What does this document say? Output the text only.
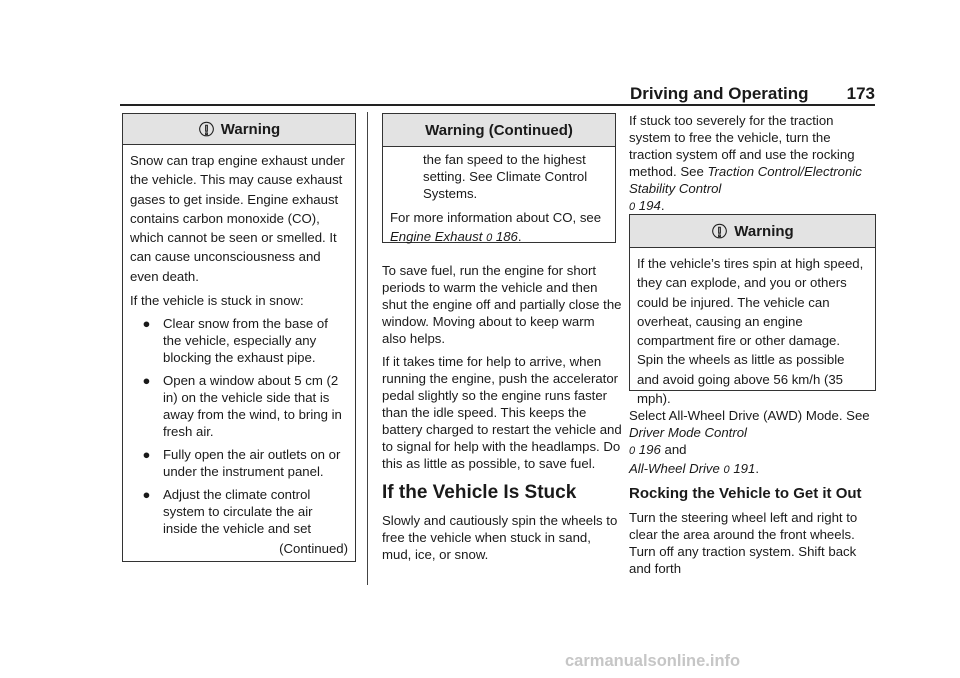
Driving and Operating 173
Warning

Snow can trap engine exhaust under the vehicle. This may cause exhaust gases to get inside. Engine exhaust contains carbon monoxide (CO), which cannot be seen or smelled. It can cause unconsciousness and even death.

If the vehicle is stuck in snow:

● Clear snow from the base of the vehicle, especially any blocking the exhaust pipe.
● Open a window about 5 cm (2 in) on the vehicle side that is away from the wind, to bring in fresh air.
● Fully open the air outlets on or under the instrument panel.
● Adjust the climate control system to circulate the air inside the vehicle and set
(Continued)
Warning (Continued)

the fan speed to the highest setting. See Climate Control Systems.

For more information about CO, see Engine Exhaust 0 186.

To save fuel, run the engine for short periods to warm the vehicle and then shut the engine off and partially close the window. Moving about to keep warm also helps.

If it takes time for help to arrive, when running the engine, push the accelerator pedal slightly so the engine runs faster than the idle speed. This keeps the battery charged to restart the vehicle and to signal for help with the headlamps. Do this as little as possible, to save fuel.

If the Vehicle Is Stuck

Slowly and cautiously spin the wheels to free the vehicle when stuck in sand, mud, ice, or snow.

If stuck too severely for the traction system to free the vehicle, turn the traction system off and use the rocking method. See Traction Control/Electronic Stability Control
0 194.

Warning

If the vehicle’s tires spin at high speed, they can explode, and you or others could be injured. The vehicle can overheat, causing an engine compartment fire or other damage. Spin the wheels as little as possible and avoid going above 56 km/h (35 mph).

Select All-Wheel Drive (AWD) Mode. See Driver Mode Control
0 196 and
All-Wheel Drive 0 191.

Rocking the Vehicle to Get it Out

Turn the steering wheel left and right to clear the area around the front wheels. Turn off any traction system. Shift back and forth

carmanualsonline.info
